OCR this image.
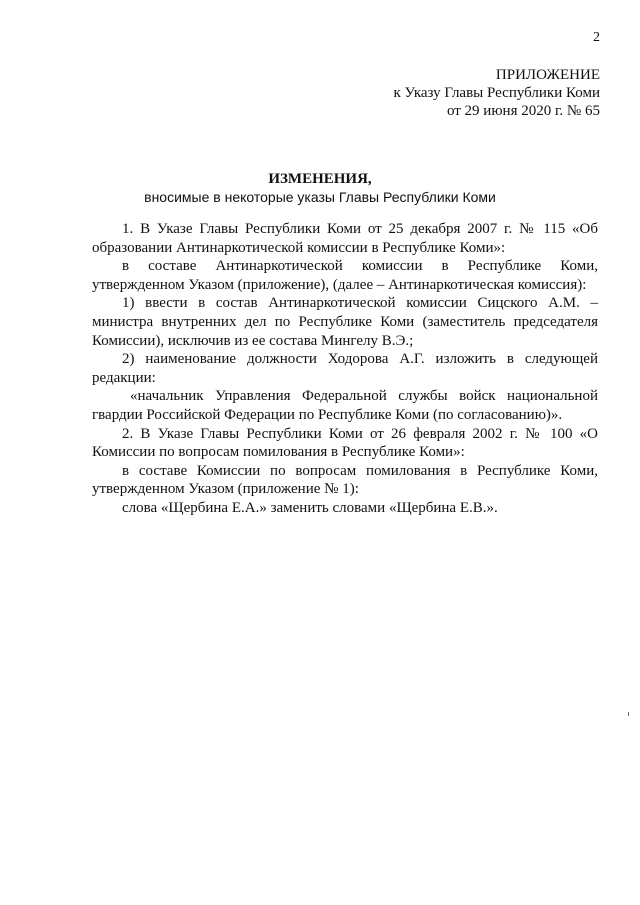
2
ПРИЛОЖЕНИЕ
к Указу Главы Республики Коми
от 29 июня 2020 г. № 65
ИЗМЕНЕНИЯ,
вносимые в некоторые указы Главы Республики Коми

1. В Указе Главы Республики Коми от 25 декабря 2007 г. № 115 «Об образовании Антинаркотической комиссии в Республике Коми»:

в составе Антинаркотической комиссии в Республике Коми, утвержденном Указом (приложение), (далее – Антинаркотическая комиссия):

1) ввести в состав Антинаркотической комиссии Сицского А.М. – министра внутренних дел по Республике Коми (заместитель председателя Комиссии), исключив из ее состава Мингелу В.Э.;

2) наименование должности Ходорова А.Г. изложить в следующей редакции:

«начальник Управления Федеральной службы войск национальной гвардии Российской Федерации по Республике Коми (по согласованию)».

2. В Указе Главы Республики Коми от 26 февраля 2002 г. № 100 «О Комиссии по вопросам помилования в Республике Коми»:

в составе Комиссии по вопросам помилования в Республике Коми, утвержденном Указом (приложение № 1):

слова «Щербина Е.А.» заменить словами «Щербина Е.В.».
